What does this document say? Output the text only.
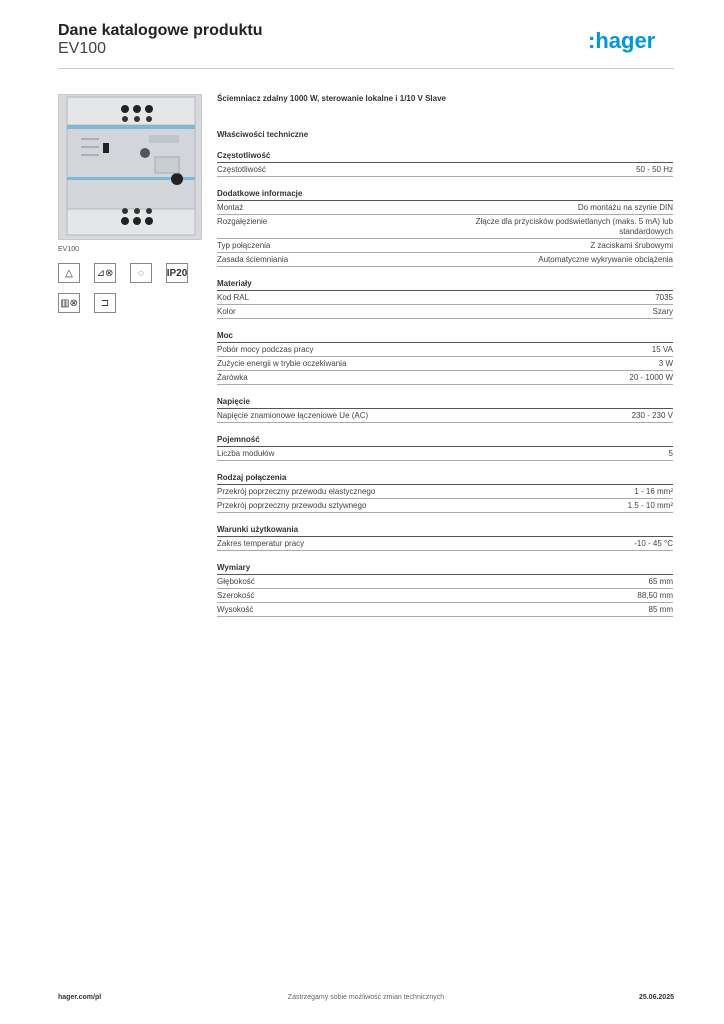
Dane katalogowe produktu
EV100	:hager
EV100
△	⊿⊗	◌	IP20
▥⊗	⊐
Ściemniacz zdalny 1000 W, sterowanie lokalne i 1/10 V Slave
Właściwości techniczne
Częstotliwość
Częstotliwość	50 - 50 Hz
Dodatkowe informacje
Montaż	Do montażu na szynie DIN
Rozgałęzienie	Złącze dla przycisków podświetlanych (maks. 5 mA) lub standardowych
Typ połączenia	Z zaciskami śrubowymi
Zasada ściemniania	Automatyczne wykrywanie obciążenia
Materiały
Kod RAL	7035
Kolor	Szary
Moc
Pobór mocy podczas pracy	15 VA
Zużycie energii w trybie oczekiwania	3 W
Żarówka	20 - 1000 W
Napięcie
Napięcie znamionowe łączeniowe Ue (AC)	230 - 230 V
Pojemność
Liczba modułów	5
Rodzaj połączenia
Przekrój poprzeczny przewodu elastycznego	1 - 16 mm²
Przekrój poprzeczny przewodu sztywnego	1.5 - 10 mm²
Warunki użytkowania
Zakres temperatur pracy	-10 - 45 °C
Wymiary
Głębokość	65 mm
Szerokość	88,50 mm
Wysokość	85 mm
hager.com/pl	Zastrzegamy sobie możliwość zmian technicznych	25.06.2025
